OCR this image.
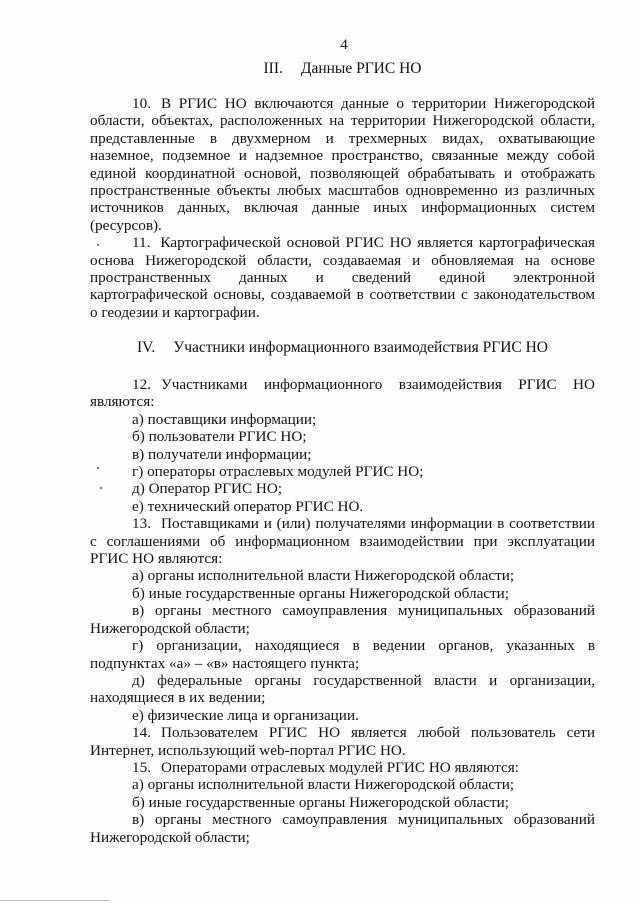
4
III. Данные РГИС НО

10. В РГИС НО включаются данные о территории Нижегородской области, объектах, расположенных на территории Нижегородской области, представленные в двухмерном и трехмерных видах, охватывающие наземное, подземное и надземное пространство, связанные между собой единой координатной основой, позволяющей обрабатывать и отображать пространственные объекты любых масштабов одновременно из различных источников данных, включая данные иных информационных систем (ресурсов).

11. Картографической основой РГИС НО является картографическая основа Нижегородской области, создаваемая и обновляемая на основе пространственных данных и сведений единой электронной картографической основы, создаваемой в соответствии с законодательством о геодезии и картографии.

IV. Участники информационного взаимодействия РГИС НО

12. Участниками информационного взаимодействия РГИС НО являются:

а) поставщики информации;

б) пользователи РГИС НО;

в) получатели информации;

г) операторы отраслевых модулей РГИС НО;

д) Оператор РГИС НО;

е) технический оператор РГИС НО.

13. Поставщиками и (или) получателями информации в соответствии с соглашениями об информационном взаимодействии при эксплуатации РГИС НО являются:

а) органы исполнительной власти Нижегородской области;

б) иные государственные органы Нижегородской области;

в) органы местного самоуправления муниципальных образований Нижегородской области;

г) организации, находящиеся в ведении органов, указанных в подпунктах «а» – «в» настоящего пункта;

д) федеральные органы государственной власти и организации, находящиеся в их ведении;

е) физические лица и организации.

14. Пользователем РГИС НО является любой пользователь сети Интернет, использующий web-портал РГИС НО.

15. Операторами отраслевых модулей РГИС НО являются:

а) органы исполнительной власти Нижегородской области;

б) иные государственные органы Нижегородской области;

в) органы местного самоуправления муниципальных образований Нижегородской области;
